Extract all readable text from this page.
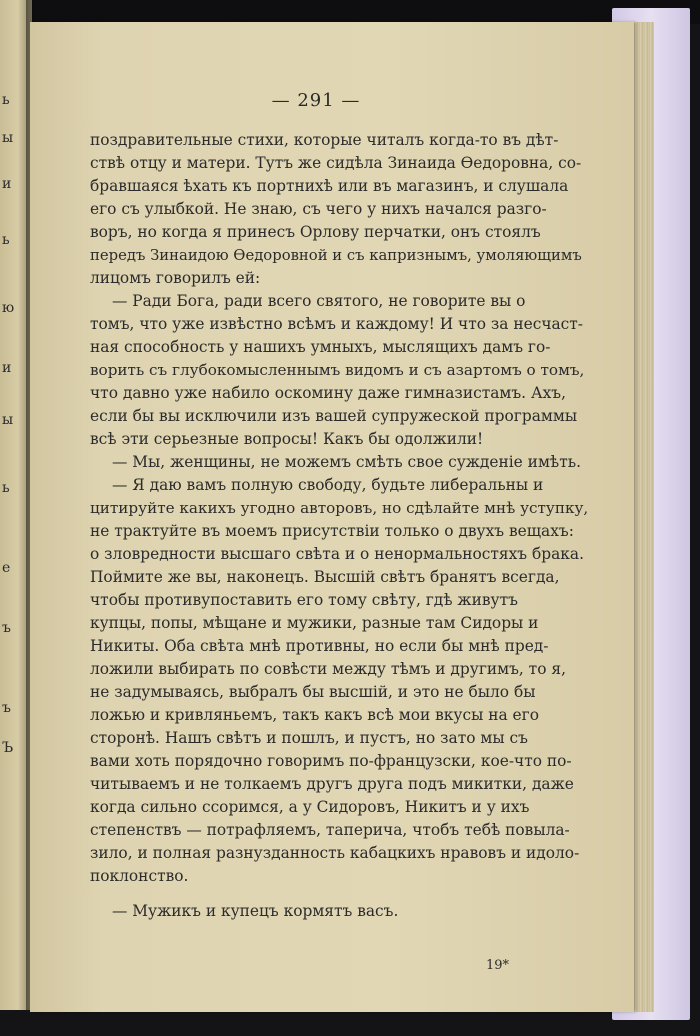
ь
ы
и
ь
ю
и
ы
ь
е
ъ
ъ
Ъ
— 291 —
поздравительные стихи, которые читалъ когда-то въ дѣт-
ствѣ отцу и матери. Тутъ же сидѣла Зинаида Ѳедоровна, со-
бравшаяся ѣхать къ портнихѣ или въ магазинъ, и слушала
его съ улыбкой. Не знаю, съ чего у нихъ начался разго-
воръ, но когда я принесъ Орлову перчатки, онъ стоялъ
передъ Зинаидою Ѳедоровной и съ капризнымъ, умоляющимъ
лицомъ говорилъ ей:
— Ради Бога, ради всего святого, не говорите вы о
томъ, что уже извѣстно всѣмъ и каждому! И что за несчаст-
ная способность у нашихъ умныхъ, мыслящихъ дамъ го-
ворить съ глубокомысленнымъ видомъ и съ азартомъ о томъ,
что давно уже набило оскомину даже гимназистамъ. Ахъ,
если бы вы исключили изъ вашей супружеской программы
всѣ эти серьезные вопросы! Какъ бы одолжили!
— Мы, женщины, не можемъ смѣть свое сужденіе имѣть.
— Я даю вамъ полную свободу, будьте либеральны и
цитируйте какихъ угодно авторовъ, но сдѣлайте мнѣ уступку,
не трактуйте въ моемъ присутствіи только о двухъ вещахъ:
о зловредности высшаго свѣта и о ненормальностяхъ брака.
Поймите же вы, наконецъ. Высшій свѣтъ бранятъ всегда,
чтобы противупоставить его тому свѣту, гдѣ живутъ
купцы, попы, мѣщане и мужики, разные там Сидоры и
Никиты. Оба свѣта мнѣ противны, но если бы мнѣ пред-
ложили выбирать по совѣсти между тѣмъ и другимъ, то я,
не задумываясь, выбралъ бы высшій, и это не было бы
ложью и кривляньемъ, такъ какъ всѣ мои вкусы на его
сторонѣ. Нашъ свѣтъ и пошлъ, и пустъ, но зато мы съ
вами хоть порядочно говоримъ по-французски, кое-что по-
читываемъ и не толкаемъ другъ друга подъ микитки, даже
когда сильно ссоримся, а у Сидоровъ, Никитъ и у ихъ
степенствъ — потрафляемъ, таперича, чтобъ тебѣ повыла-
зило, и полная разнузданность кабацкихъ нравовъ и идоло-
поклонство.
— Мужикъ и купецъ кормятъ васъ.
19*
